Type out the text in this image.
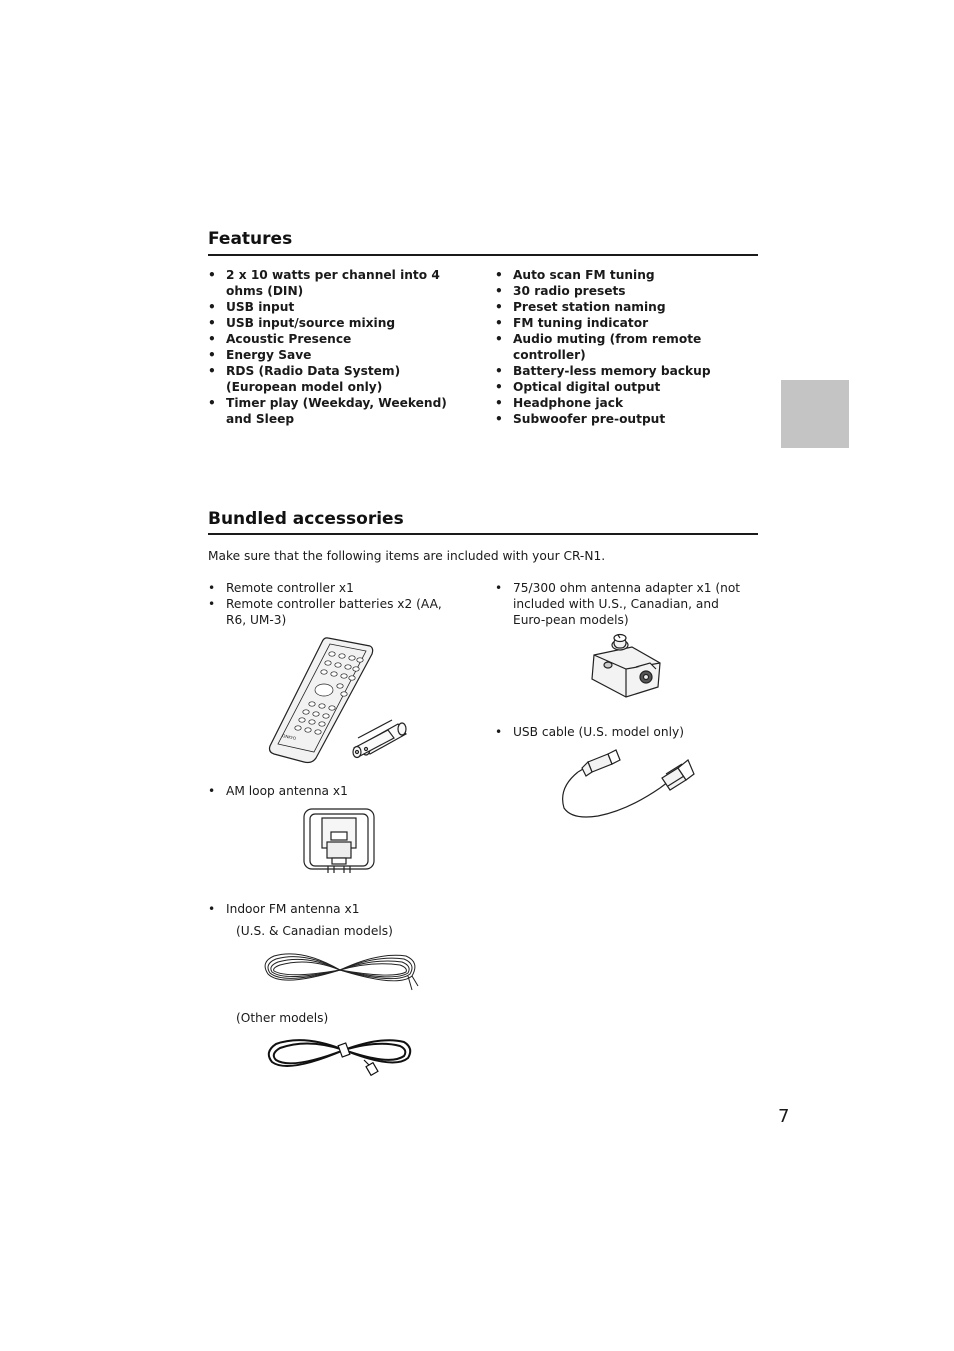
Features
• 2 x 10 watts per channel into 4 ohms (DIN)
• USB input
• USB input/source mixing
• Acoustic Presence
• Energy Save
• RDS (Radio Data System) (European model only)
• Timer play (Weekday, Weekend) and Sleep
• Auto scan FM tuning
• 30 radio presets
• Preset station naming
• FM tuning indicator
• Audio muting (from remote controller)
• Battery-less memory backup
• Optical digital output
• Headphone jack
• Subwoofer pre-output
Bundled accessories
Make sure that the following items are included with your CR-N1.
• Remote controller x1
• Remote controller batteries x2 (AA, R6, UM-3)
• 75/300 ohm antenna adapter x1 (not included with U.S., Canadian, and Euro-pean models)
ONKYO
•	USB cable (U.S. model only)
• AM loop antenna x1
• Indoor FM antenna x1
(U.S. & Canadian models)
(Other models)
7
